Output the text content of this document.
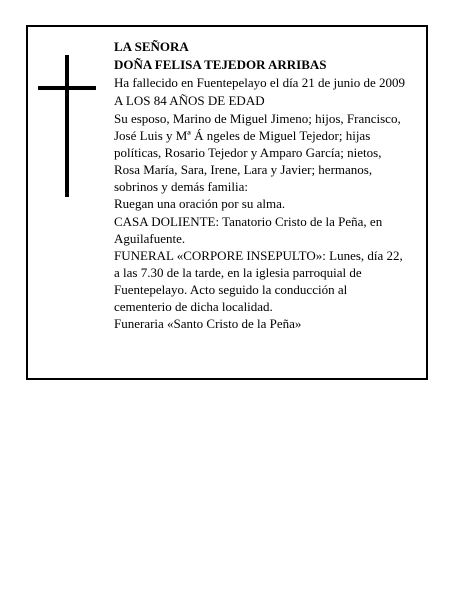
LA SEÑORA

DOÑA FELISA TEJEDOR ARRIBAS

Ha fallecido en Fuentepelayo el día 21 de junio de 2009

A LOS 84 AÑOS DE EDAD

Su esposo, Marino de Miguel Jimeno; hijos, Francisco,

José Luis y Mª Á ngeles de Miguel Tejedor; hijas

políticas, Rosario Tejedor y Amparo García; nietos,

Rosa María, Sara, Irene, Lara y Javier; hermanos,

sobrinos y demás familia:

Ruegan una oración por su alma.

CASA DOLIENTE: Tanatorio Cristo de la Peña, en

Aguilafuente.

FUNERAL «CORPORE INSEPULTO»: Lunes, día 22,

a las 7.30 de la tarde, en la iglesia parroquial de

Fuentepelayo. Acto seguido la conducción al

cementerio de dicha localidad.

Funeraria «Santo Cristo de la Peña»
